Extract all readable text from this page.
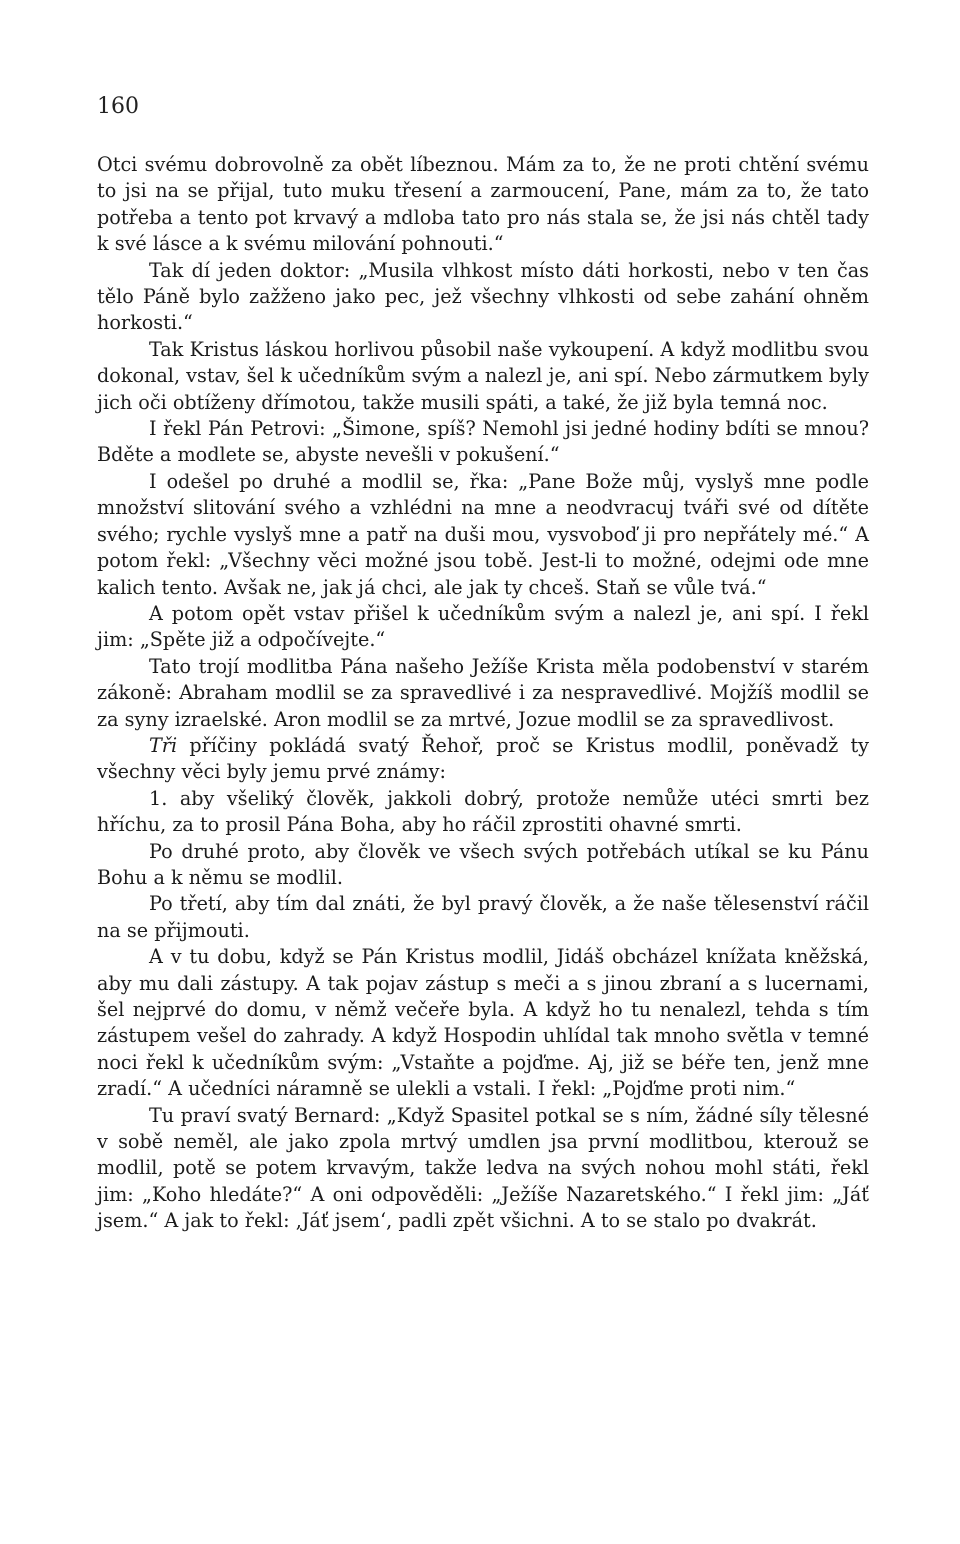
160

Otci svému dobrovolně za obět líbeznou. Mám za to, že ne proti chtění svému to jsi na se přijal, tuto muku třesení a zarmoucení, Pane, mám za to, že tato potřeba a tento pot krvavý a mdloba tato pro nás stala se, že jsi nás chtěl tady k své lásce a k svému milování pohnouti.“

Tak dí jeden doktor: „Musila vlhkost místo dáti horkosti, nebo v ten čas tělo Páně bylo zažženo jako pec, jež všechny vlhkosti od sebe zahání ohněm horkosti.“

Tak Kristus láskou horlivou působil naše vykoupení. A když modlitbu svou dokonal, vstav, šel k učedníkům svým a nalezl je, ani spí. Nebo zármutkem byly jich oči obtíženy dřímotou, takže musili spáti, a také, že již byla temná noc.

I řekl Pán Petrovi: „Šimone, spíš? Nemohl jsi jedné hodiny bdíti se mnou? Bděte a modlete se, abyste nevešli v pokušení.“

I odešel po druhé a modlil se, řka: „Pane Bože můj, vyslyš mne podle množství slitování svého a vzhlédni na mne a neodvracuj tváři své od dítěte svého; rychle vyslyš mne a patř na duši mou, vysvoboď ji pro nepřátely mé.“ A potom řekl: „Všechny věci možné jsou tobě. Jest-li to možné, odejmi ode mne kalich tento. Avšak ne, jak já chci, ale jak ty chceš. Staň se vůle tvá.“

A potom opět vstav přišel k učedníkům svým a nalezl je, ani spí. I řekl jim: „Spěte již a odpočívejte.“

Tato trojí modlitba Pána našeho Ježíše Krista měla podobenství v starém zákoně: Abraham modlil se za spravedlivé i za nespravedlivé. Mojžíš modlil se za syny izraelské. Aron modlil se za mrtvé, Jozue modlil se za spravedlivost.

Tři příčiny pokládá svatý Řehoř, proč se Kristus modlil, poněvadž ty všechny věci byly jemu prvé známy:

1. aby všeliký člověk, jakkoli dobrý, protože nemůže utéci smrti bez hříchu, za to prosil Pána Boha, aby ho ráčil zprostiti ohavné smrti.

Po druhé proto, aby člověk ve všech svých potřebách utíkal se ku Pánu Bohu a k němu se modlil.

Po třetí, aby tím dal znáti, že byl pravý člověk, a že naše tělesenství ráčil na se přijmouti.

A v tu dobu, když se Pán Kristus modlil, Jidáš obcházel knížata kněžská, aby mu dali zástupy. A tak pojav zástup s meči a s jinou zbraní a s lucernami, šel nejprvé do domu, v němž večeře byla. A když ho tu nenalezl, tehda s tím zástupem vešel do zahrady. A když Hospodin uhlídal tak mnoho světla v temné noci řekl k učedníkům svým: „Vstaňte a pojďme. Aj, již se béře ten, jenž mne zradí.“ A učedníci náramně se ulekli a vstali. I řekl: „Pojďme proti nim.“

Tu praví svatý Bernard: „Když Spasitel potkal se s ním, žádné síly tělesné v sobě neměl, ale jako zpola mrtvý umdlen jsa první modlitbou, kterouž se modlil, potě se potem krvavým, takže ledva na svých nohou mohl státi, řekl jim: „Koho hledáte?“ A oni odpověděli: „Ježíše Nazaretského.“ I řekl jim: „Jáť jsem.“ A jak to řekl: ‚Jáť jsem‘, padli zpět všichni. A to se stalo po dvakrát.
